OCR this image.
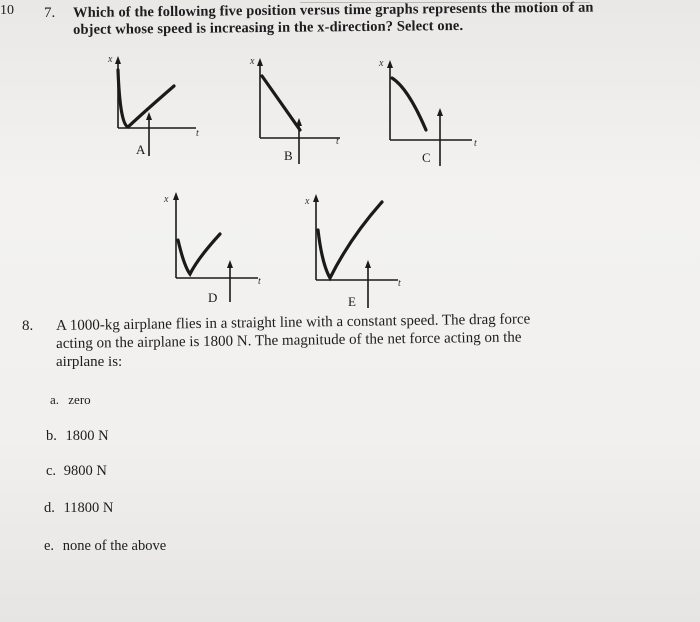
10 7. Which of the following five position versus time graphs represents the motion of an
object whose speed is increasing in the x-direction? Select one.
x
t
A
x
t
B
x
t
C
x
t
D
x
t
E
8. A 1000-kg airplane flies in a straight line with a constant speed. The drag force
acting on the airplane is 1800 N. The magnitude of the net force acting on the
airplane is:
a. zero
b. 1800 N
c. 9800 N
d. 11800 N
e. none of the above
